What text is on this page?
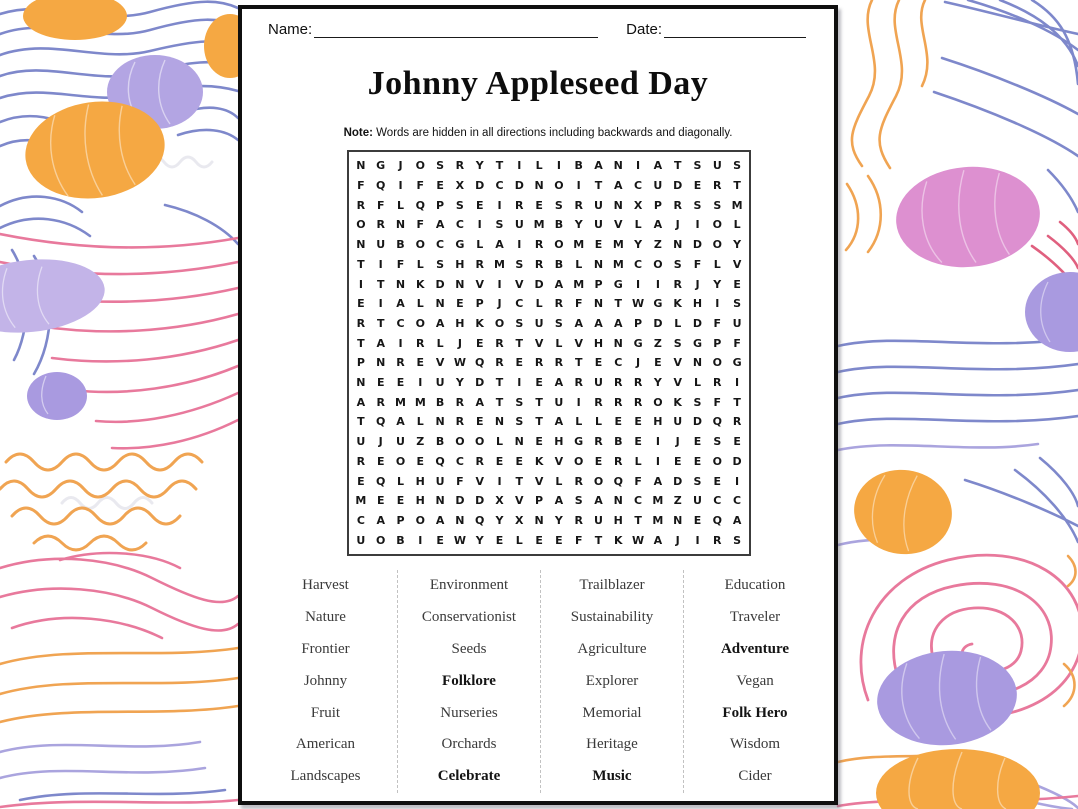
Name:	Date:
Johnny Appleseed Day

Note: Words are hidden in all directions including backwards and diagonally.

N G	J	O	S	R	Y	T	I	L	I	B	A N	I	A	T	S	U	S
F	Q	I	F	E	X	D	C	D N O	I	T	A	C	U D	E	R	T
R	F	L	Q	P	S	E	I	R	E	S	R	U N X	P	R	S	S M
O R N	F	A	C	I	S	U M B	Y	U	V	L	A	J	I	O	L
N U	B O	C	G	L	A	I	R O M E M Y	Z	N D O	Y
T	I	F	L	S	H R M S	R	B	L	N M C	O	S	F	L	V
I	T	N K D N V	I	V D A M P	G	I	I	R	J	Y	E
E	I	A	L	N	E	P	J	C	L	R	F	N	T W G	K H	I	S
R	T	C	O A H K O	S	U	S	A	A	A	P	D	L	D	F	U
T	A	I	R	L	J	E	R	T	V	L	V H N G	Z	S	G	P	F
P	N R	E	V W Q R	E	R	R	T	E	C	J	E	V N O G
N	E	E	I	U	Y	D	T	I	E	A	R	U	R	R	Y	V	L	R	I
A	R M M B	R	A	T	S	T	U	I	R	R	R O K	S	F	T
T	Q A	L	N R	E	N	S	T	A	L	L	E	E	H U D Q R
U	J	U	Z	B O O	L	N	E	H G	R	B	E	I	J	E	S	E
R	E	O	E	Q	C	R	E	E	K	V O	E	R	L	I	E	E	O D
E	Q	L	H U	F	V	I	T	V	L	R O Q	F	A D	S	E	I
M E	E	H N D D X	V	P	A	S	A N	C M Z	U	C	C
C	A	P	O A N Q	Y	X N	Y	R	U H	T M N	E	Q A
U O B	I	E W Y	E	L	E	E	F	T	K W A	J	I	R	S
Harvest
Nature
Frontier
Johnny
Fruit
American
Landscapes
Environment
Conservationist
Seeds
Folklore
Nurseries
Orchards
Celebrate
Trailblazer
Sustainability
Agriculture
Explorer
Memorial
Heritage
Music
Education
Traveler
Adventure
Vegan
Folk Hero
Wisdom
Cider
